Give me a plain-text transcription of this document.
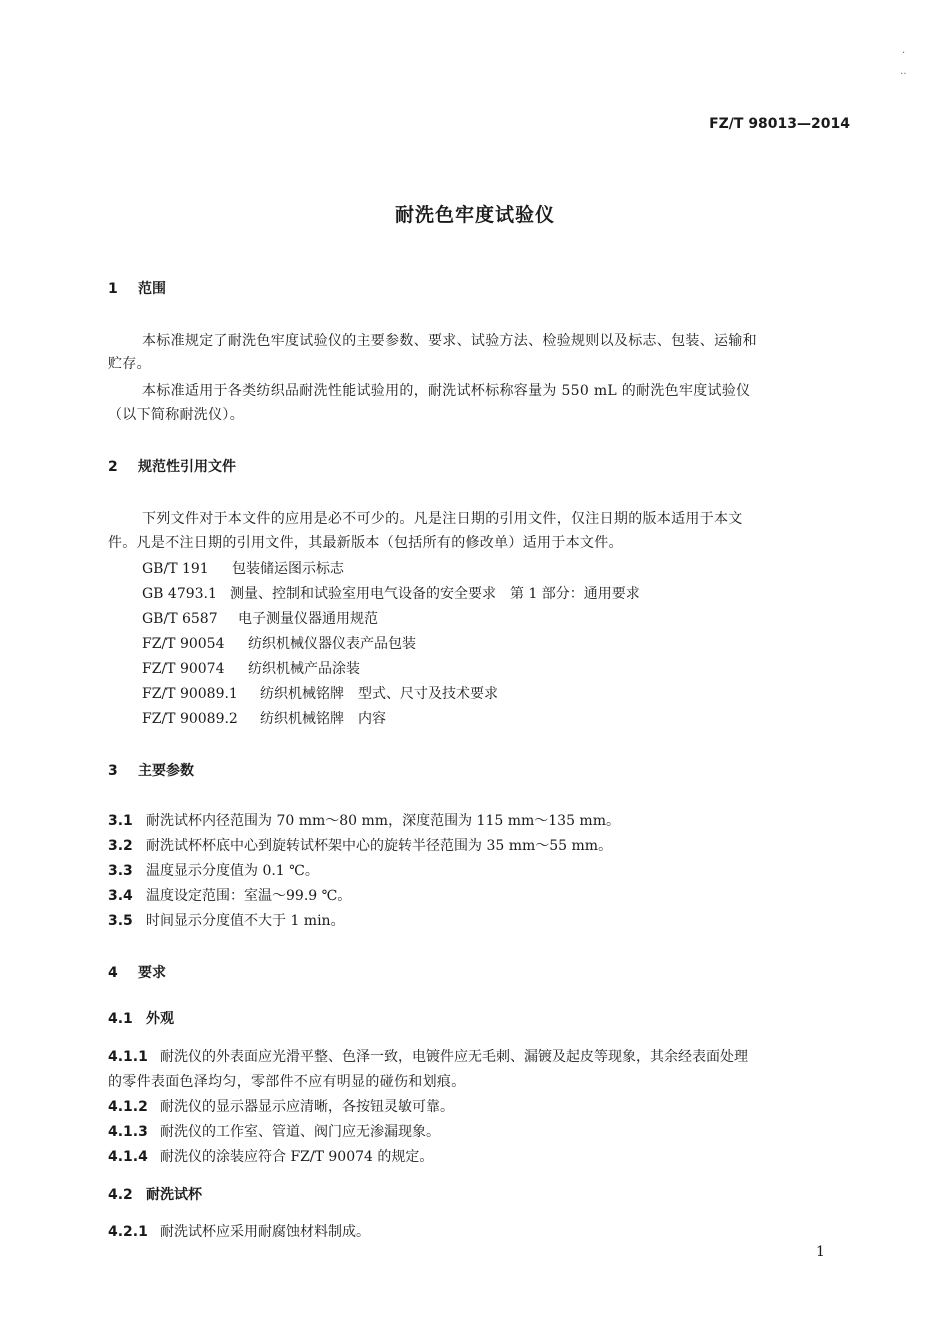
·
‥
FZ/T 98013—2014
耐洗色牢度试验仪
1 范围
本标准规定了耐洗色牢度试验仪的主要参数、要求、试验方法、检验规则以及标志、包装、运输和
贮存。
本标准适用于各类纺织品耐洗性能试验用的，耐洗试杯标称容量为 550 mL 的耐洗色牢度试验仪
（以下简称耐洗仪）。
2 规范性引用文件
下列文件对于本文件的应用是必不可少的。凡是注日期的引用文件，仅注日期的版本适用于本文
件。凡是不注日期的引用文件，其最新版本（包括所有的修改单）适用于本文件。
GB/T 191 包装储运图示标志
GB 4793.1 测量、控制和试验室用电气设备的安全要求　第 1 部分：通用要求
GB/T 6587 电子测量仪器通用规范
FZ/T 90054 纺织机械仪器仪表产品包装
FZ/T 90074 纺织机械产品涂装
FZ/T 90089.1 纺织机械铭牌　型式、尺寸及技术要求
FZ/T 90089.2 纺织机械铭牌　内容
3 主要参数
3.1 耐洗试杯内径范围为 70 mm～80 mm，深度范围为 115 mm～135 mm。
3.2 耐洗试杯杯底中心到旋转试杯架中心的旋转半径范围为 35 mm～55 mm。
3.3 温度显示分度值为 0.1 ℃。
3.4 温度设定范围：室温～99.9 ℃。
3.5 时间显示分度值不大于 1 min。
4 要求
4.1 外观
4.1.1 耐洗仪的外表面应光滑平整、色泽一致，电镀件应无毛刺、漏镀及起皮等现象，其余经表面处理
的零件表面色泽均匀，零部件不应有明显的碰伤和划痕。
4.1.2 耐洗仪的显示器显示应清晰，各按钮灵敏可靠。
4.1.3 耐洗仪的工作室、管道、阀门应无渗漏现象。
4.1.4 耐洗仪的涂装应符合 FZ/T 90074 的规定。
4.2 耐洗试杯
4.2.1 耐洗试杯应采用耐腐蚀材料制成。
1
